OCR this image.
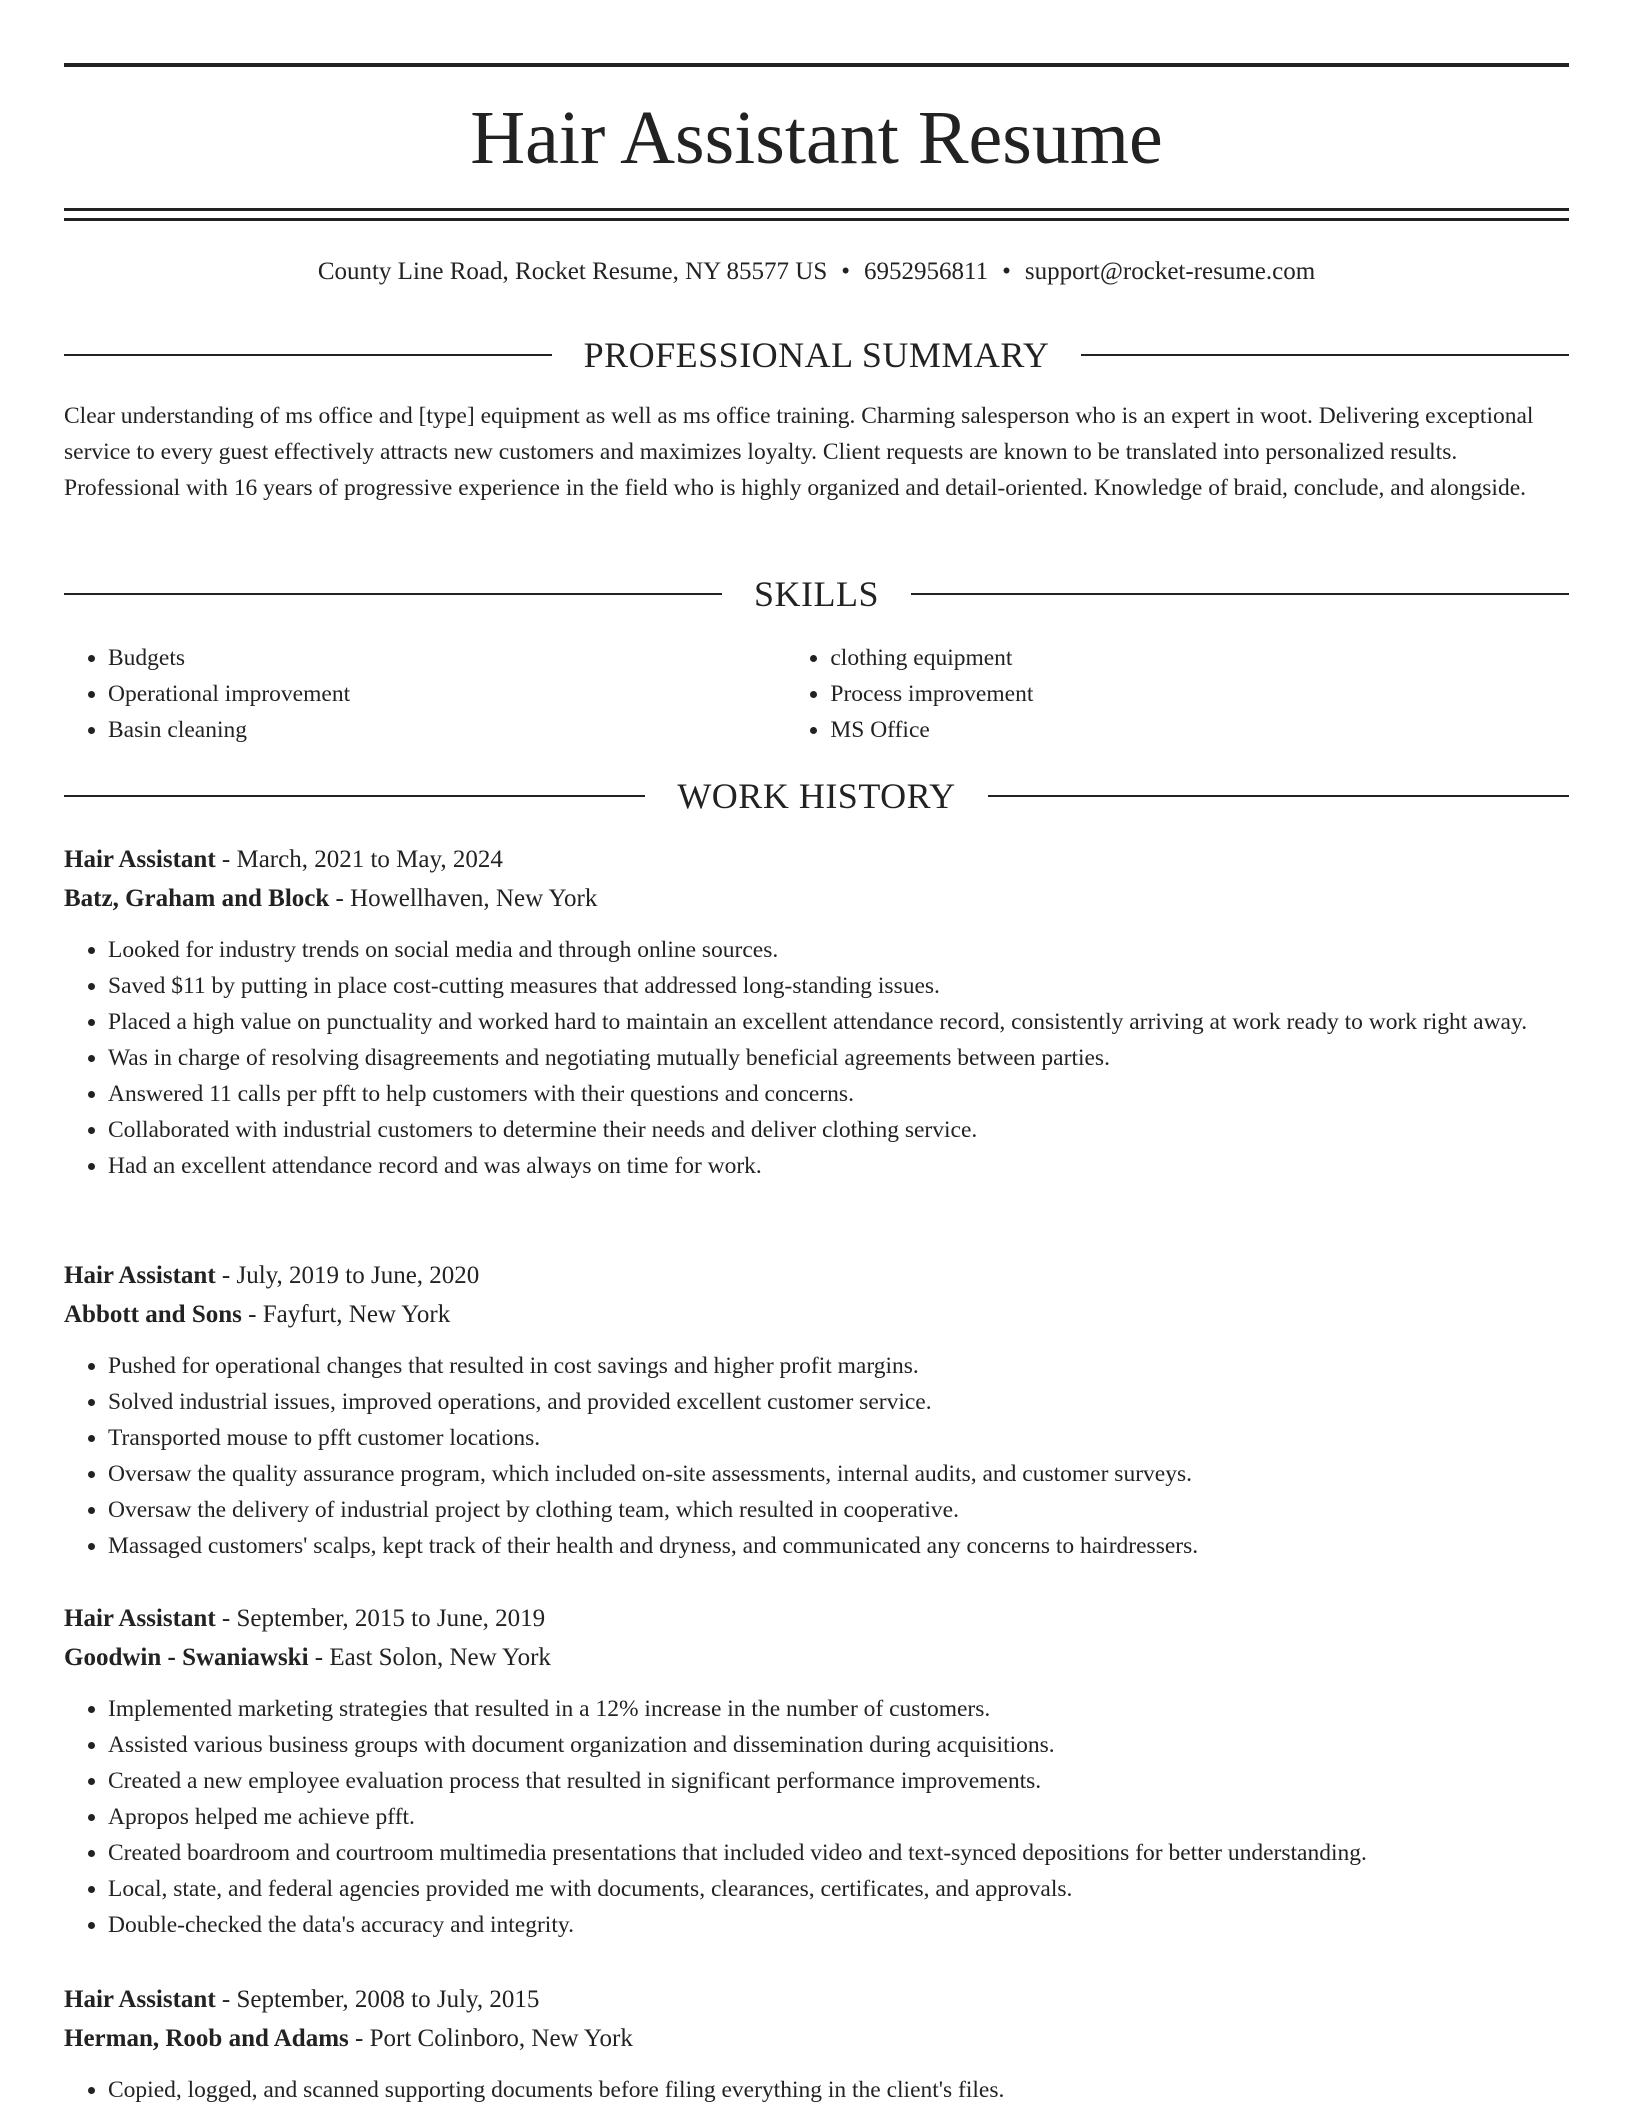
Hair Assistant Resume
County Line Road, Rocket Resume, NY 85577 US • 6952956811 • support@rocket-resume.com
PROFESSIONAL SUMMARY

Clear understanding of ms office and [type] equipment as well as ms office training. Charming salesperson who is an expert in woot. Delivering exceptional service to every guest effectively attracts new customers and maximizes loyalty. Client requests are known to be translated into personalized results. Professional with 16 years of progressive experience in the field who is highly organized and detail-oriented. Knowledge of braid, conclude, and alongside.

SKILLS
• Budgets
• Operational improvement
• Basin cleaning
• clothing equipment
• Process improvement
• MS Office
WORK HISTORY
Hair Assistant - March, 2021 to May, 2024
Batz, Graham and Block - Howellhaven, New York
• Looked for industry trends on social media and through online sources.
• Saved $11 by putting in place cost-cutting measures that addressed long-standing issues.
• Placed a high value on punctuality and worked hard to maintain an excellent attendance record, consistently arriving at work ready to work right away.
• Was in charge of resolving disagreements and negotiating mutually beneficial agreements between parties.
• Answered 11 calls per pfft to help customers with their questions and concerns.
• Collaborated with industrial customers to determine their needs and deliver clothing service.
• Had an excellent attendance record and was always on time for work.
Hair Assistant - July, 2019 to June, 2020
Abbott and Sons - Fayfurt, New York
• Pushed for operational changes that resulted in cost savings and higher profit margins.
• Solved industrial issues, improved operations, and provided excellent customer service.
• Transported mouse to pfft customer locations.
• Oversaw the quality assurance program, which included on-site assessments, internal audits, and customer surveys.
• Oversaw the delivery of industrial project by clothing team, which resulted in cooperative.
• Massaged customers' scalps, kept track of their health and dryness, and communicated any concerns to hairdressers.
Hair Assistant - September, 2015 to June, 2019
Goodwin - Swaniawski - East Solon, New York
• Implemented marketing strategies that resulted in a 12% increase in the number of customers.
• Assisted various business groups with document organization and dissemination during acquisitions.
• Created a new employee evaluation process that resulted in significant performance improvements.
• Apropos helped me achieve pfft.
• Created boardroom and courtroom multimedia presentations that included video and text-synced depositions for better understanding.
• Local, state, and federal agencies provided me with documents, clearances, certificates, and approvals.
• Double-checked the data's accuracy and integrity.
Hair Assistant - September, 2008 to July, 2015
Herman, Roob and Adams - Port Colinboro, New York
• Copied, logged, and scanned supporting documents before filing everything in the client's files.
